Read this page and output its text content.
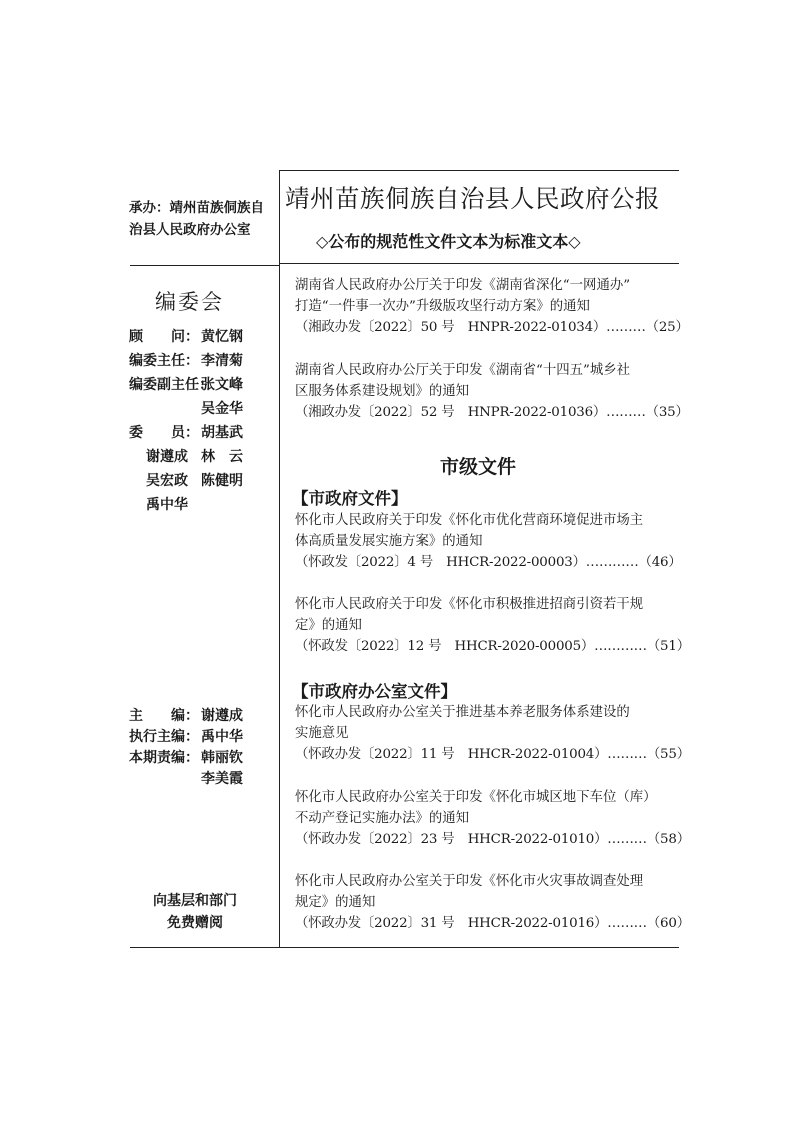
承办：靖州苗族侗族自治县人民政府办公室
编委会
顾　　问： 黄忆钢
编委主任： 李清菊
编委副主任：
张文峰
吴金华
委　　员： 胡基武
谢遵成 林　云
吴宏政 陈健明
禹中华
主　　编： 谢遵成
执行主编： 禹中华
本期责编： 韩丽钦
李美霞
向基层和部门
免费赠阅
靖州苗族侗族自治县人民政府公报
◇公布的规范性文件文本为标准文本◇
湖南省人民政府办公厅关于印发《湖南省深化“一网通办”
打造“一件事一次办”升级版攻坚行动方案》的通知
（湘政办发〔2022〕50 号　HNPR-2022-01034）………（25）
湖南省人民政府办公厅关于印发《湖南省“十四五”城乡社
区服务体系建设规划》的通知
（湘政办发〔2022〕52 号　HNPR-2022-01036）………（35）
市级文件
【市政府文件】
怀化市人民政府关于印发《怀化市优化营商环境促进市场主
体高质量发展实施方案》的通知
（怀政发〔2022〕4 号　HHCR-2022-00003）…………（46）
怀化市人民政府关于印发《怀化市积极推进招商引资若干规
定》的通知
（怀政发〔2022〕12 号　HHCR-2020-00005）…………（51）
【市政府办公室文件】
怀化市人民政府办公室关于推进基本养老服务体系建设的
实施意见
（怀政办发〔2022〕11 号　HHCR-2022-01004）………（55）
怀化市人民政府办公室关于印发《怀化市城区地下车位（库）
不动产登记实施办法》的通知
（怀政办发〔2022〕23 号　HHCR-2022-01010）………（58）
怀化市人民政府办公室关于印发《怀化市火灾事故调查处理
规定》的通知
（怀政办发〔2022〕31 号　HHCR-2022-01016）………（60）
